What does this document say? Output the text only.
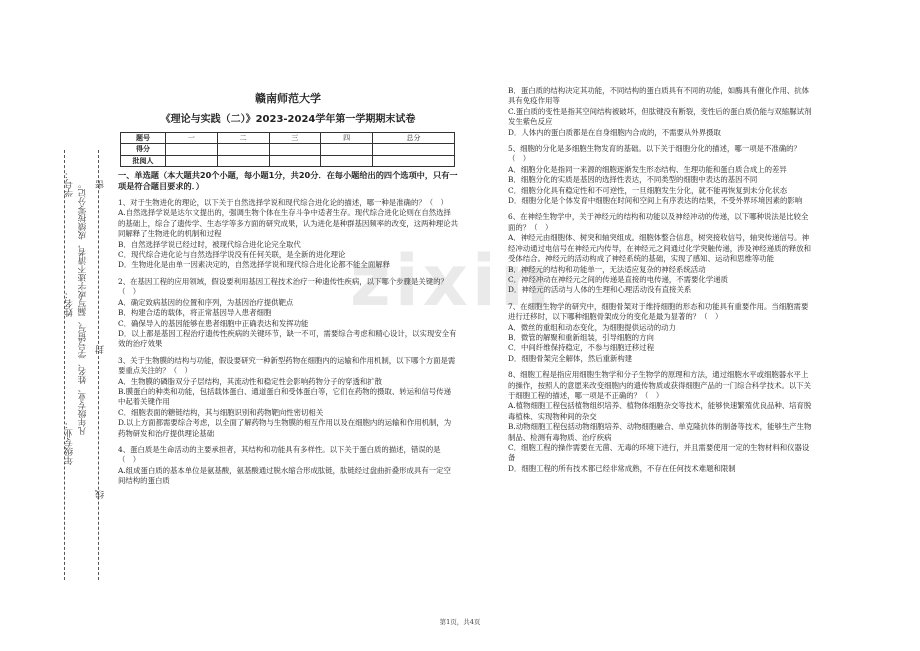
zixin
学号：
姓名：
年级专业：
凡年级专业、姓名、学号错写、漏写或字迹不清者，成绩按零分记。 密
封
线
赣南师范大学
《理论与实践（二）》2023-2024学年第一学期期末试卷
题号	一	二	三	四	总分
得分					
批阅人					
一、单选题（本大题共20个小题，每小题1分，共20分．在每小题给出的四个选项中，只有一项是符合题目要求的．）

1、对于生物进化的理论，以下关于自然选择学说和现代综合进化论的描述，哪一种是准确的？（　）

A.自然选择学说是达尔文提出的，强调生物个体在生存斗争中适者生存。现代综合进化论则在自然选择的基础上，综合了遗传学、生态学等多方面的研究成果，认为进化是种群基因频率的改变，这两种理论共同解释了生物进化的机制和过程

B．自然选择学说已经过时，被现代综合进化论完全取代

C．现代综合进化论与自然选择学说没有任何关联，是全新的进化理论

D．生物进化是由单一因素决定的，自然选择学说和现代综合进化论都不能全面解释

2、在基因工程的应用领域，假设要利用基因工程技术治疗一种遗传性疾病，以下哪个步骤是关键的？（　）

A．确定致病基因的位置和序列，为基因治疗提供靶点

B．构建合适的载体，将正常基因导入患者细胞

C．确保导入的基因能够在患者细胞中正确表达和发挥功能

D．以上都是基因工程治疗遗传性疾病的关键环节，缺一不可，需要综合考虑和精心设计，以实现安全有效的治疗效果

3、关于生物膜的结构与功能，假设要研究一种新型药物在细胞内的运输和作用机制，以下哪个方面是需要重点关注的？（　）

A．生物膜的磷脂双分子层结构，其流动性和稳定性会影响药物分子的穿透和扩散

B.膜蛋白的种类和功能，包括载体蛋白、通道蛋白和受体蛋白等，它们在药物的摄取、转运和信号传递中起着关键作用

C．细胞表面的糖链结构，其与细胞识别和药物靶向性密切相关

D.以上方面都需要综合考虑，以全面了解药物与生物膜的相互作用以及在细胞内的运输和作用机制，为药物研发和治疗提供理论基础

4、蛋白质是生命活动的主要承担者，其结构和功能具有多样性。以下关于蛋白质的描述，错误的是（　）

A.组成蛋白质的基本单位是氨基酸，氨基酸通过脱水缩合形成肽链，肽链经过盘曲折叠形成具有一定空间结构的蛋白质

B．蛋白质的结构决定其功能，不同结构的蛋白质具有不同的功能，如酶具有催化作用、抗体具有免疫作用等

C.蛋白质的变性是指其空间结构被破坏，但肽键没有断裂，变性后的蛋白质仍能与双缩脲试剂发生紫色反应

D．人体内的蛋白质都是在自身细胞内合成的，不需要从外界摄取

5、细胞的分化是多细胞生物发育的基础。以下关于细胞分化的描述，哪一项是不准确的？（　）

A．细胞分化是指同一来源的细胞逐渐发生形态结构、生理功能和蛋白质合成上的差异

B．细胞分化的实质是基因的选择性表达，不同类型的细胞中表达的基因不同

C．细胞分化具有稳定性和不可逆性，一旦细胞发生分化，就不能再恢复到未分化状态

D．细胞分化是个体发育中细胞在时间和空间上有序表达的结果，不受外界环境因素的影响

6、在神经生物学中，关于神经元的结构和功能以及神经冲动的传递，以下哪种说法是比较全面的？（　）

A．神经元由细胞体、树突和轴突组成。细胞体整合信息，树突接收信号，轴突传递信号。神经冲动通过电信号在神经元内传导，在神经元之间通过化学突触传递，涉及神经递质的释放和受体结合。神经元的活动构成了神经系统的基础，实现了感知、运动和思维等功能

B．神经元的结构和功能单一，无法适应复杂的神经系统活动

C．神经冲动在神经元之间的传递是直接的电传递，不需要化学递质

D．神经元的活动与人体的生理和心理活动没有直接关系

7、在细胞生物学的研究中，细胞骨架对于维持细胞的形态和功能具有重要作用。当细胞需要进行迁移时，以下哪种细胞骨架成分的变化是最为显著的？（　）

A．微丝的重组和动态变化，为细胞提供运动的动力

B．微管的解聚和重新组装，引导细胞的方向

C．中间纤维保持稳定，不参与细胞迁移过程

D．细胞骨架完全解体，然后重新构建

8、细胞工程是指应用细胞生物学和分子生物学的原理和方法，通过细胞水平或细胞器水平上的操作，按照人的意愿来改变细胞内的遗传物质或获得细胞产品的一门综合科学技术。以下关于细胞工程的描述，哪一项是不正确的？（　）

A.植物细胞工程包括植物组织培养、植物体细胞杂交等技术，能够快速繁殖优良品种、培育脱毒植株、实现物种间的杂交

B.动物细胞工程包括动物细胞培养、动物细胞融合、单克隆抗体的制备等技术，能够生产生物制品、检测有毒物质、治疗疾病

C．细胞工程的操作需要在无菌、无毒的环境下进行，并且需要使用一定的生物材料和仪器设备

D．细胞工程的所有技术都已经非常成熟，不存在任何技术难题和限制

第1页，共4页
